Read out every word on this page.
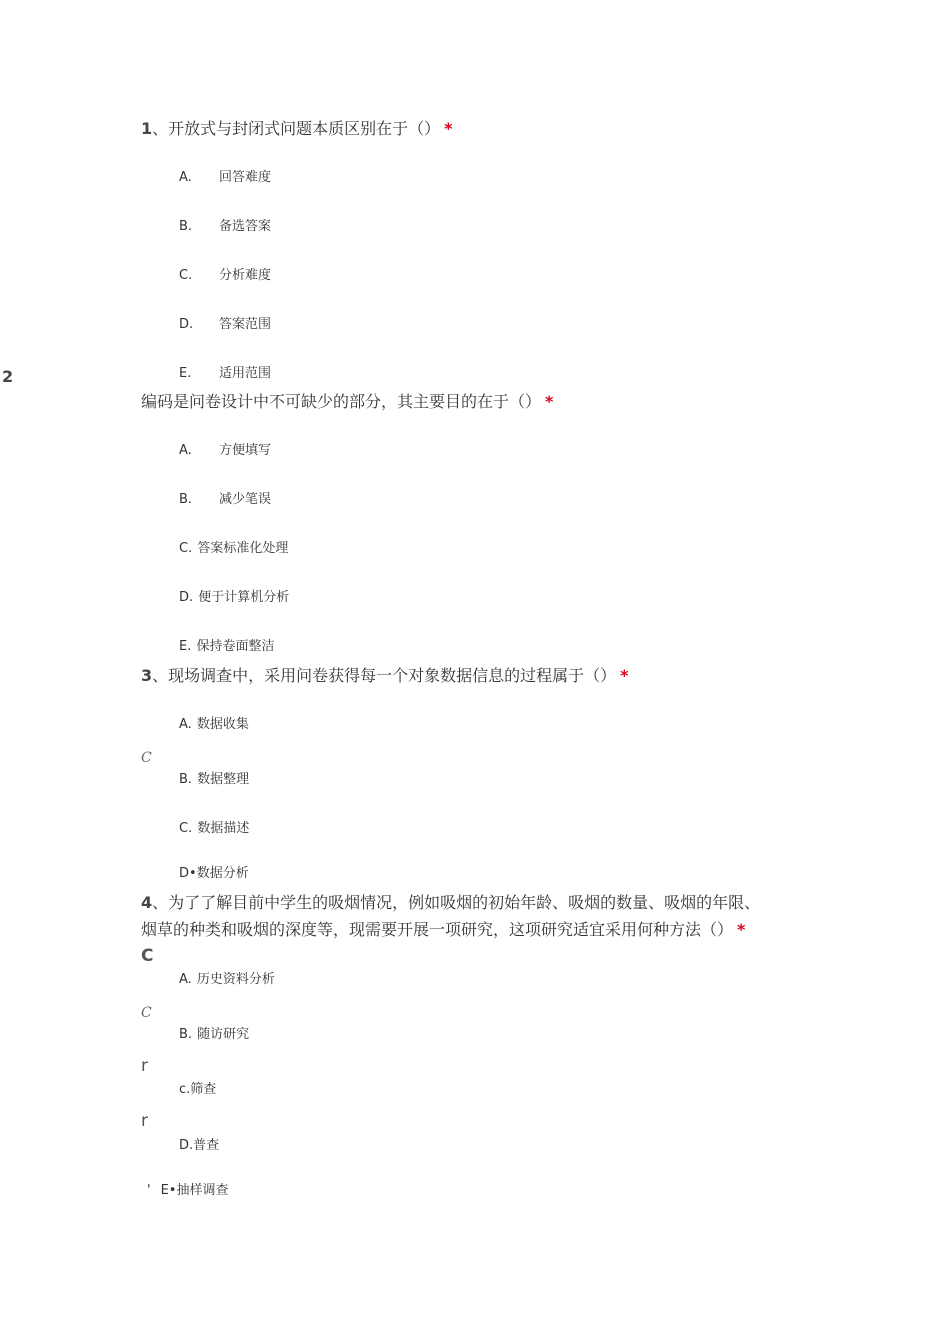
1、开放式与封闭式问题本质区别在于（） *
A. 回答难度
B. 备选答案
C. 分析难度
D. 答案范围
E. 适用范围
2
编码是问卷设计中不可缺少的部分，其主要目的在于（） *
A. 方便填写
B. 减少笔误
C. 答案标准化处理
D. 便于计算机分析
E. 保持卷面整洁
3、现场调查中，采用问卷获得每一个对象数据信息的过程属于（） *
A. 数据收集
C
B. 数据整理
C. 数据描述
D•数据分析
4、为了了解目前中学生的吸烟情况，例如吸烟的初始年龄、吸烟的数量、吸烟的年限、
烟草的种类和吸烟的深度等，现需要开展一项研究，这项研究适宜采用何种方法（） *
C
A. 历史资料分析
C
B. 随访研究
r
c.筛查
r
D.普查
' E•抽样调查
